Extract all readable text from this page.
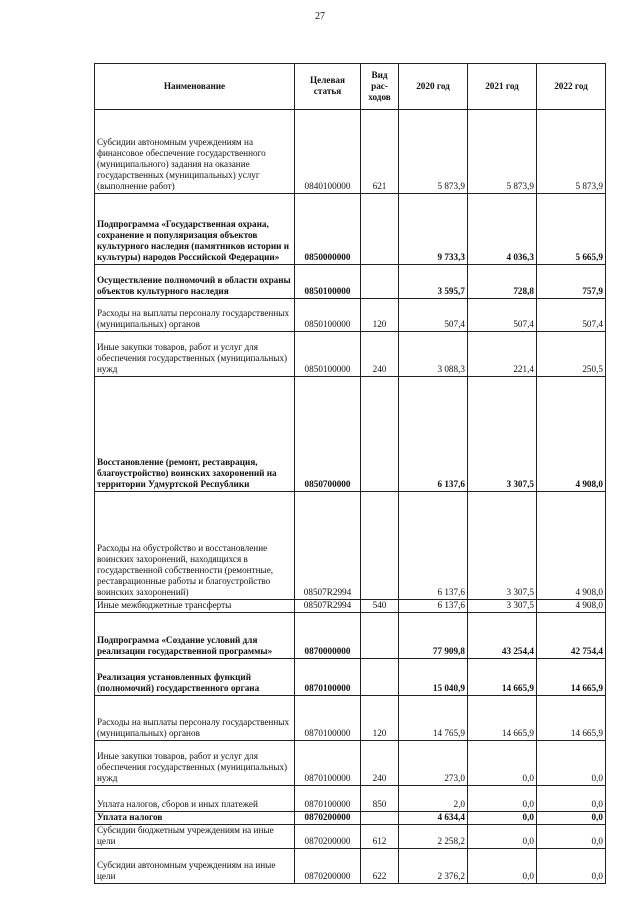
27
Наименование	Целевая статья	Вид рас- ходов	2020 год	2021 год	2022 год
Субсидии автономным учреждениям на финансовое обеспечение государственного (муниципального) задания на оказание государственных (муниципальных) услуг (выполнение работ)	0840100000	621	5 873,9	5 873,9	5 873,9
Подпрограмма «Государственная охрана, сохранение и популяризация объектов культурного наследия (памятников истории и культуры) народов Российской Федерации»	0850000000		9 733,3	4 036,3	5 665,9
Осуществление полномочий в области охраны объектов культурного наследия	0850100000		3 595,7	728,8	757,9
Расходы на выплаты персоналу государственных (муниципальных) органов	0850100000	120	507,4	507,4	507,4
Иные закупки товаров, работ и услуг для обеспечения государственных (муниципальных) нужд	0850100000	240	3 088,3	221,4	250,5
Восстановление (ремонт, реставрация, благоустройство) воинских захоронений на территории Удмуртской Республики	0850700000		6 137,6	3 307,5	4 908,0
Расходы на обустройство и восстановление воинских захоронений, находящихся в государственной собственности (ремонтные, реставрационные работы и благоустройство воинских захоронений)	08507R2994		6 137,6	3 307,5	4 908,0
Иные межбюджетные трансферты	08507R2994	540	6 137,6	3 307,5	4 908,0
Подпрограмма «Создание условий для реализации государственной программы»	0870000000		77 909,8	43 254,4	42 754,4
Реализация установленных функций (полномочий) государственного органа	0870100000		15 040,9	14 665,9	14 665,9
Расходы на выплаты персоналу государственных (муниципальных) органов	0870100000	120	14 765,9	14 665,9	14 665,9
Иные закупки товаров, работ и услуг для обеспечения государственных (муниципальных) нужд	0870100000	240	273,0	0,0	0,0
Уплата налогов, сборов и иных платежей	0870100000	850	2,0	0,0	0,0
Уплата налогов	0870200000		4 634,4	0,0	0,0
Субсидии бюджетным учреждениям на иные цели	0870200000	612	2 258,2	0,0	0,0
Субсидии автономным учреждениям на иные цели	0870200000	622	2 376,2	0,0	0,0
